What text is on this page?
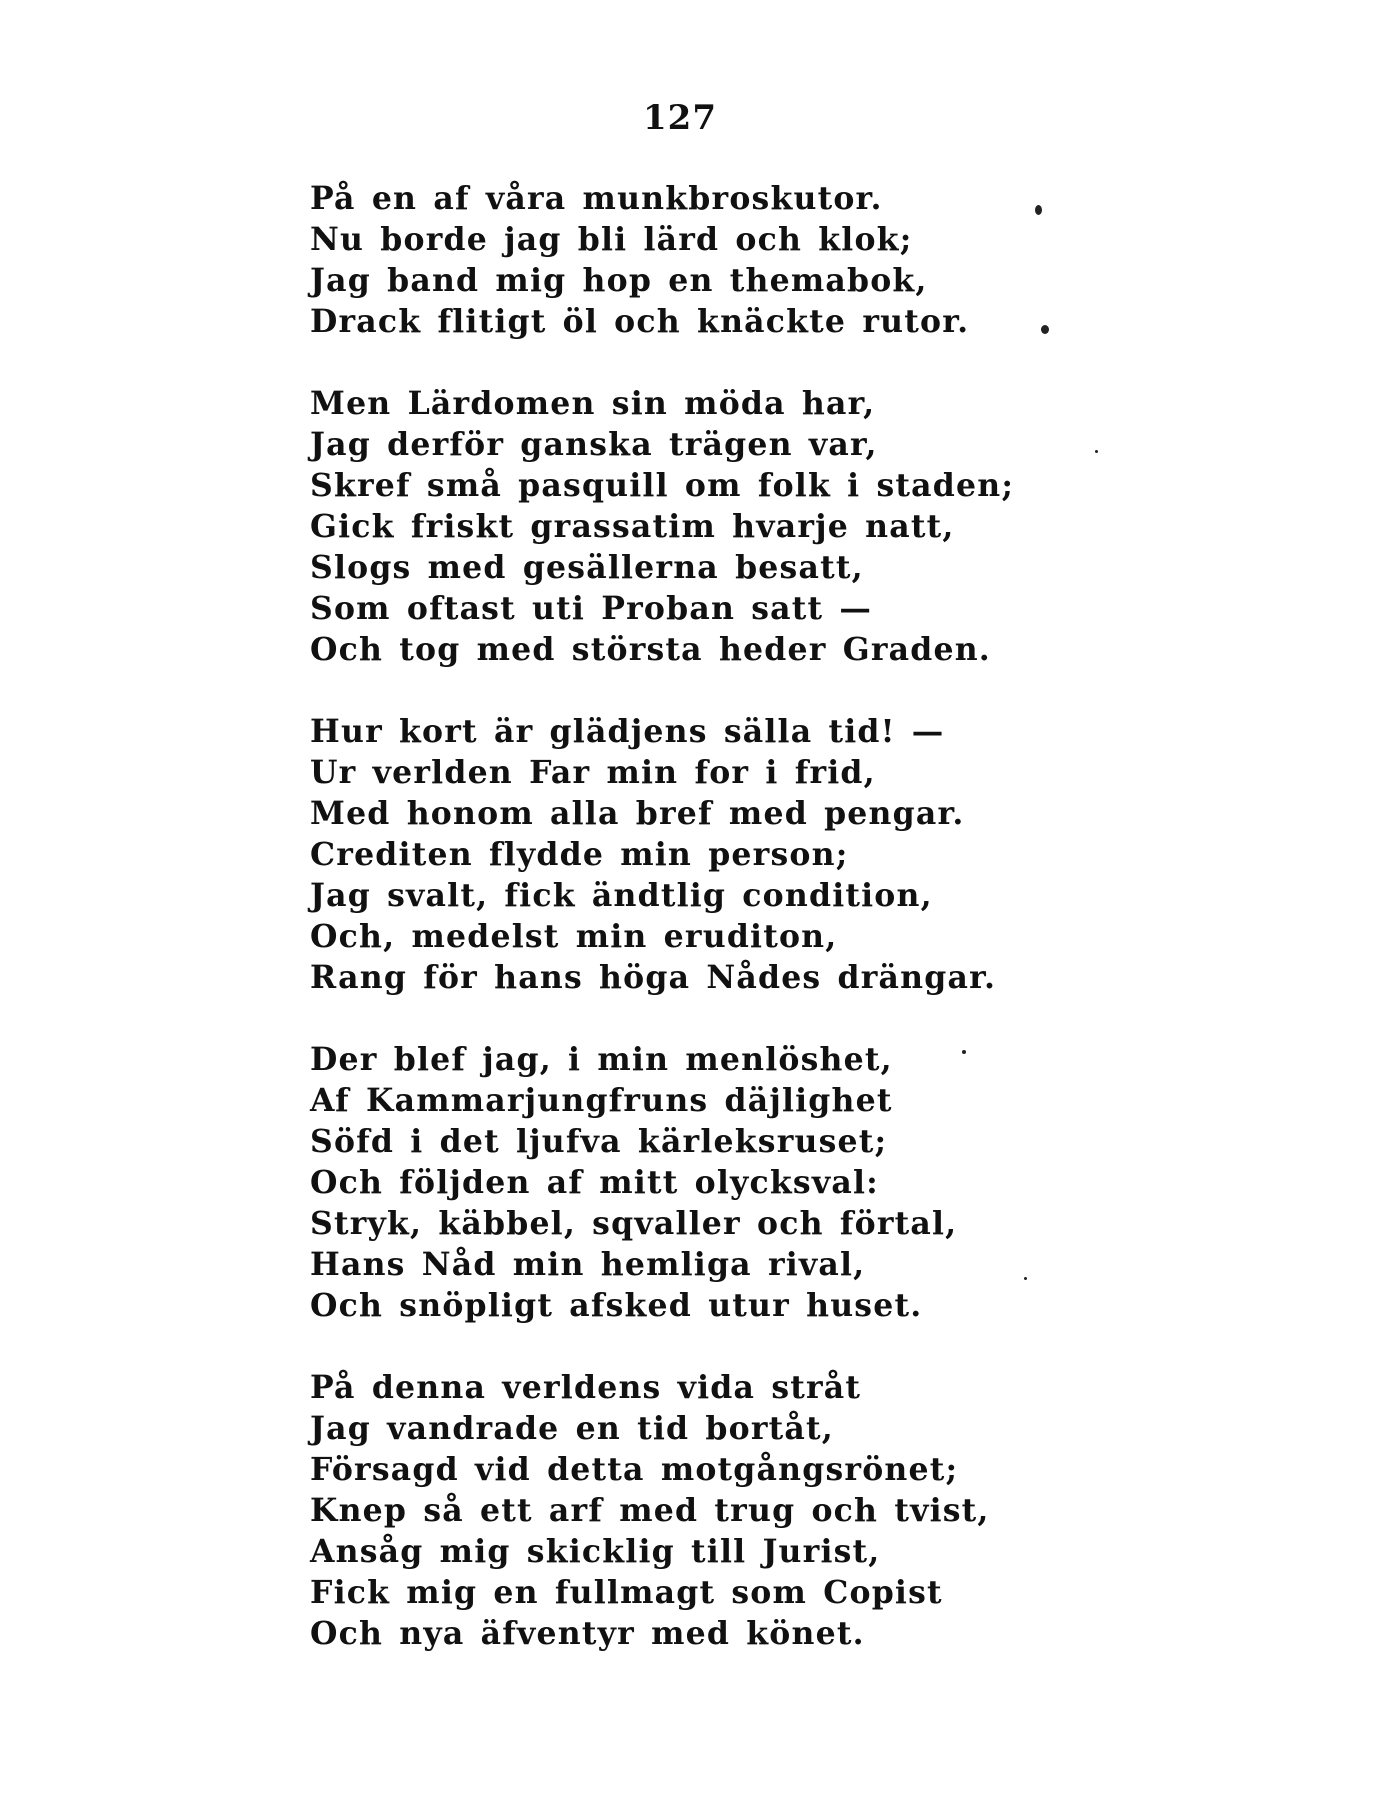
127
På en af våra munkbroskutor.
Nu borde jag bli lärd och klok;
Jag band mig hop en themabok,
Drack flitigt öl och knäckte rutor.
Men Lärdomen sin möda har,
Jag derför ganska trägen var,
Skref små pasquill om folk i staden;
Gick friskt grassatim hvarje natt,
Slogs med gesällerna besatt,
Som oftast uti Proban satt —
Och tog med största heder Graden.
Hur kort är glädjens sälla tid! —
Ur verlden Far min for i frid,
Med honom alla bref med pengar.
Crediten flydde min person;
Jag svalt, fick ändtlig condition,
Och, medelst min eruditon,
Rang för hans höga Nådes drängar.
Der blef jag, i min menlöshet,
Af Kammarjungfruns däjlighet
Söfd i det ljufva kärleksruset;
Och följden af mitt olycksval:
Stryk, käbbel, sqvaller och förtal,
Hans Nåd min hemliga rival,
Och snöpligt afsked utur huset.
På denna verldens vida stråt
Jag vandrade en tid bortåt,
Försagd vid detta motgångsrönet;
Knep så ett arf med trug och tvist,
Ansåg mig skicklig till Jurist,
Fick mig en fullmagt som Copist
Och nya äfventyr med könet.
